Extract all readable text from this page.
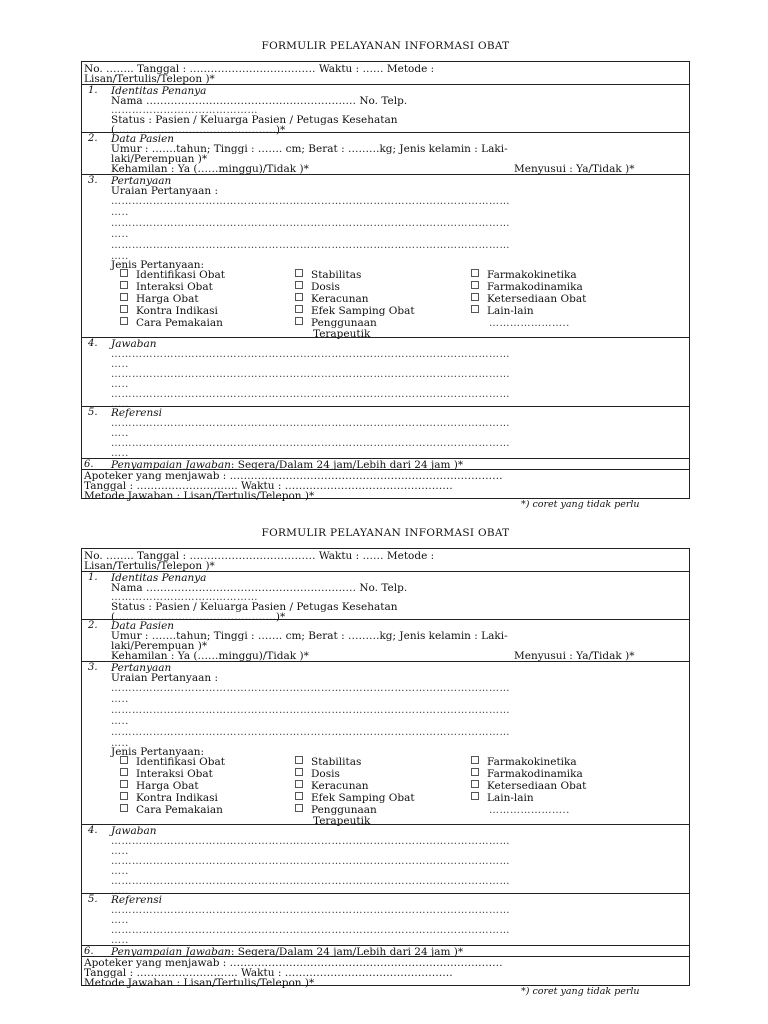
FORMULIR PELAYANAN INFORMASI OBAT
No. …….. Tanggal : ……………………………… Waktu : …… Metode :
Lisan/Tertulis/Telepon )*
1. Identitas Penanya
Nama …………………………………………………… No. Telp.
……………………………………
Status : Pasien / Keluarga Pasien / Petugas Kesehatan
(……………………………………….)*
2. Data Pasien
Umur : …….tahun; Tinggi : ……. cm; Berat : ………kg; Jenis kelamin : Laki-
laki/Perempuan )*
Kehamilan : Ya (……minggu)/Tidak )*	Menyusui : Ya/Tidak )*
3. Pertanyaan
Uraian Pertanyaan :
……………………………………………………………………………………………………
…..
……………………………………………………………………………………………………
…..
……………………………………………………………………………………………………
…..
Jenis Pertanyaan:
Identifikasi Obat
Interaksi Obat
Harga Obat
Kontra Indikasi
Cara Pemakaian
Stabilitas
Dosis
Keracunan
Efek Samping Obat
Penggunaan
Terapeutik
Farmakokinetika
Farmakodinamika
Ketersediaan Obat
Lain-lain
…………………..
4. Jawaban
……………………………………………………………………………………………………
…..
……………………………………………………………………………………………………
…..
……………………………………………………………………………………………………
…..
5. Referensi
……………………………………………………………………………………………………
…..
……………………………………………………………………………………………………
…..
6. Penyampaian Jawaban: Segera/Dalam 24 jam/Lebih dari 24 jam )*
Apoteker yang menjawab : ……………………………………………………………………
Tanggal : ……………………….. Waktu : …………………………………………
Metode Jawaban : Lisan/Tertulis/Telepon )*
*) coret yang tidak perlu
FORMULIR PELAYANAN INFORMASI OBAT
No. …….. Tanggal : ……………………………… Waktu : …… Metode :
Lisan/Tertulis/Telepon )*
1. Identitas Penanya
Nama …………………………………………………… No. Telp.
……………………………………
Status : Pasien / Keluarga Pasien / Petugas Kesehatan
(……………………………………….)*
2. Data Pasien
Umur : …….tahun; Tinggi : ……. cm; Berat : ………kg; Jenis kelamin : Laki-
laki/Perempuan )*
Kehamilan : Ya (……minggu)/Tidak )*	Menyusui : Ya/Tidak )*
3. Pertanyaan
Uraian Pertanyaan :
……………………………………………………………………………………………………
…..
……………………………………………………………………………………………………
…..
……………………………………………………………………………………………………
…..
Jenis Pertanyaan:
Identifikasi Obat
Interaksi Obat
Harga Obat
Kontra Indikasi
Cara Pemakaian
Stabilitas
Dosis
Keracunan
Efek Samping Obat
Penggunaan
Terapeutik
Farmakokinetika
Farmakodinamika
Ketersediaan Obat
Lain-lain
…………………..
4. Jawaban
……………………………………………………………………………………………………
…..
……………………………………………………………………………………………………
…..
……………………………………………………………………………………………………
…..
5. Referensi
……………………………………………………………………………………………………
…..
……………………………………………………………………………………………………
…..
6. Penyampaian Jawaban: Segera/Dalam 24 jam/Lebih dari 24 jam )*
Apoteker yang menjawab : ……………………………………………………………………
Tanggal : ……………………….. Waktu : …………………………………………
Metode Jawaban : Lisan/Tertulis/Telepon )*
*) coret yang tidak perlu
